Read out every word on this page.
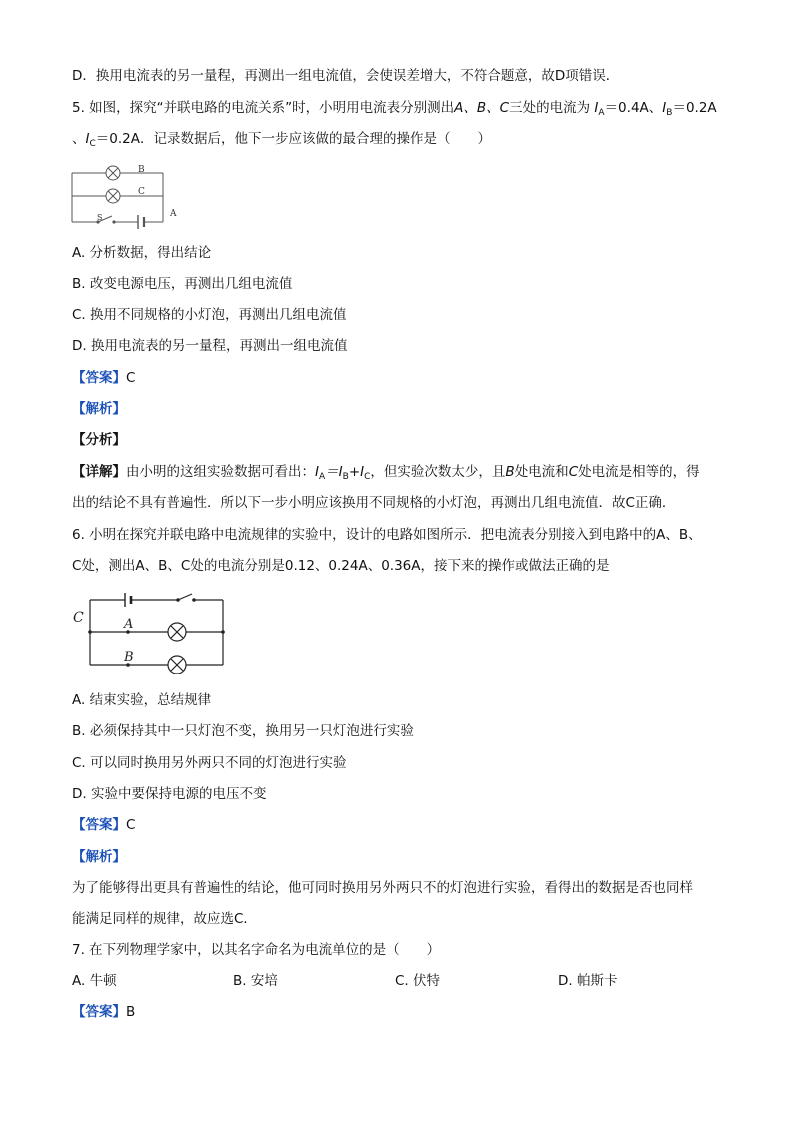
D．换用电流表的另一量程，再测出一组电流值，会使误差增大，不符合题意，故D项错误．
5. 如图，探究“并联电路的电流关系”时，小明用电流表分别测出A、B、C三处的电流为 $I_A=0.4A$、$I_B=0.2A$
、$I_C=0.2A$．记录数据后，他下一步应该做的最合理的操作是（　　）
B
C
S	A
A. 分析数据，得出结论
B. 改变电源电压，再测出几组电流值
C. 换用不同规格的小灯泡，再测出几组电流值
D. 换用电流表的另一量程，再测出一组电流值
【答案】C
【解析】
【分析】
【详解】由小明的这组实验数据可看出：$I_A=I_B+I_C$，但实验次数太少，且B处电流和C处电流是相等的，得
出的结论不具有普遍性．所以下一步小明应该换用不同规格的小灯泡，再测出几组电流值．故C正确．
6. 小明在探究并联电路中电流规律的实验中，设计的电路如图所示．把电流表分别接入到电路中的A、B、
C处，测出A、B、C处的电流分别是0.12、0.24A、0.36A，接下来的操作或做法正确的是
C	A
B
A. 结束实验，总结规律
B. 必须保持其中一只灯泡不变，换用另一只灯泡进行实验
C. 可以同时换用另外两只不同的灯泡进行实验
D. 实验中要保持电源的电压不变
【答案】C
【解析】
为了能够得出更具有普遍性的结论，他可同时换用另外两只不的灯泡进行实验，看得出的数据是否也同样
能满足同样的规律，故应选C．
7. 在下列物理学家中，以其名字命名为电流单位的是（　　）
A. 牛顿	B. 安培	C. 伏特	D. 帕斯卡
【答案】B
